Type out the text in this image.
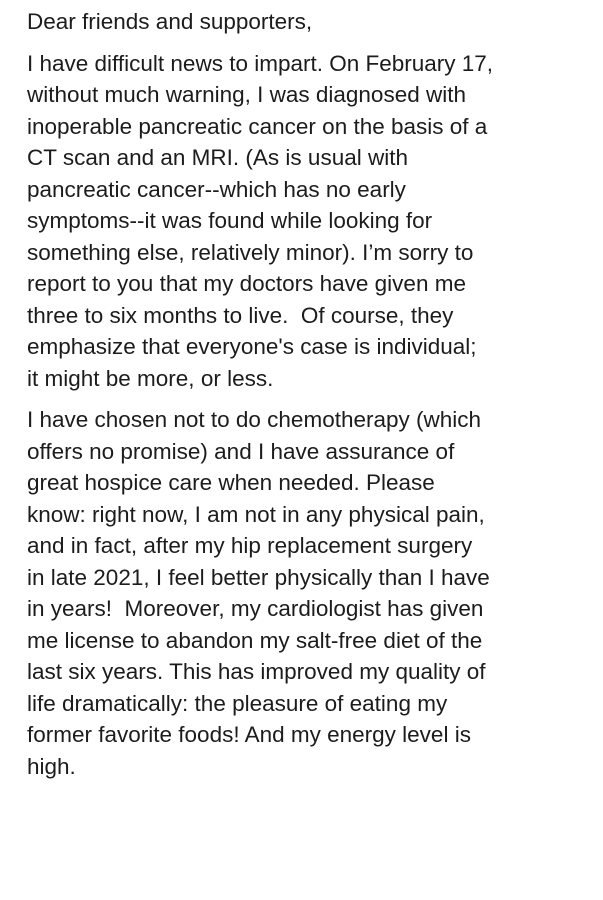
Dear friends and supporters,

I have difficult news to impart. On February 17,
without much warning, I was diagnosed with
inoperable pancreatic cancer on the basis of a
CT scan and an MRI. (As is usual with
pancreatic cancer--which has no early
symptoms--it was found while looking for
something else, relatively minor). I’m sorry to
report to you that my doctors have given me
three to six months to live.  Of course, they
emphasize that everyone's case is individual;
it might be more, or less.

I have chosen not to do chemotherapy (which
offers no promise) and I have assurance of
great hospice care when needed. Please
know: right now, I am not in any physical pain,
and in fact, after my hip replacement surgery
in late 2021, I feel better physically than I have
in years!  Moreover, my cardiologist has given
me license to abandon my salt-free diet of the
last six years. This has improved my quality of
life dramatically: the pleasure of eating my
former favorite foods! And my energy level is
high.
